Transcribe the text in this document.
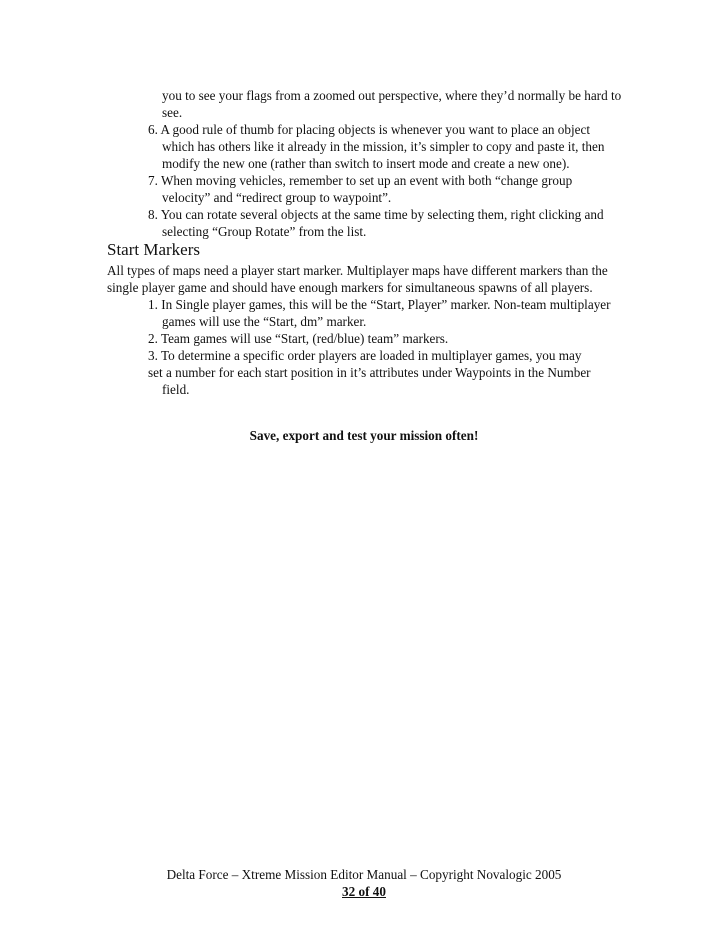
you to see your flags from a zoomed out perspective, where they’d normally be hard to
see.
6. A good rule of thumb for placing objects is whenever you want to place an object
which has others like it already in the mission, it’s simpler to copy and paste it, then
modify the new one (rather than switch to insert mode and create a new one).
7. When moving vehicles, remember to set up an event with both “change group
velocity” and “redirect group to waypoint”.
8. You can rotate several objects at the same time by selecting them, right clicking and
selecting “Group Rotate” from the list.
Start Markers
All types of maps need a player start marker. Multiplayer maps have different markers than the
single player game and should have enough markers for simultaneous spawns of all players.
1. In Single player games, this will be the “Start, Player” marker. Non-team multiplayer
games will use the “Start, dm” marker.
2. Team games will use “Start, (red/blue) team” markers.
3. To determine a specific order players are loaded in multiplayer games, you may
set a number for each start position in it’s attributes under Waypoints in the Number
field.
Save, export and test your mission often!
Delta Force – Xtreme Mission Editor Manual – Copyright Novalogic 2005
32 of 40
